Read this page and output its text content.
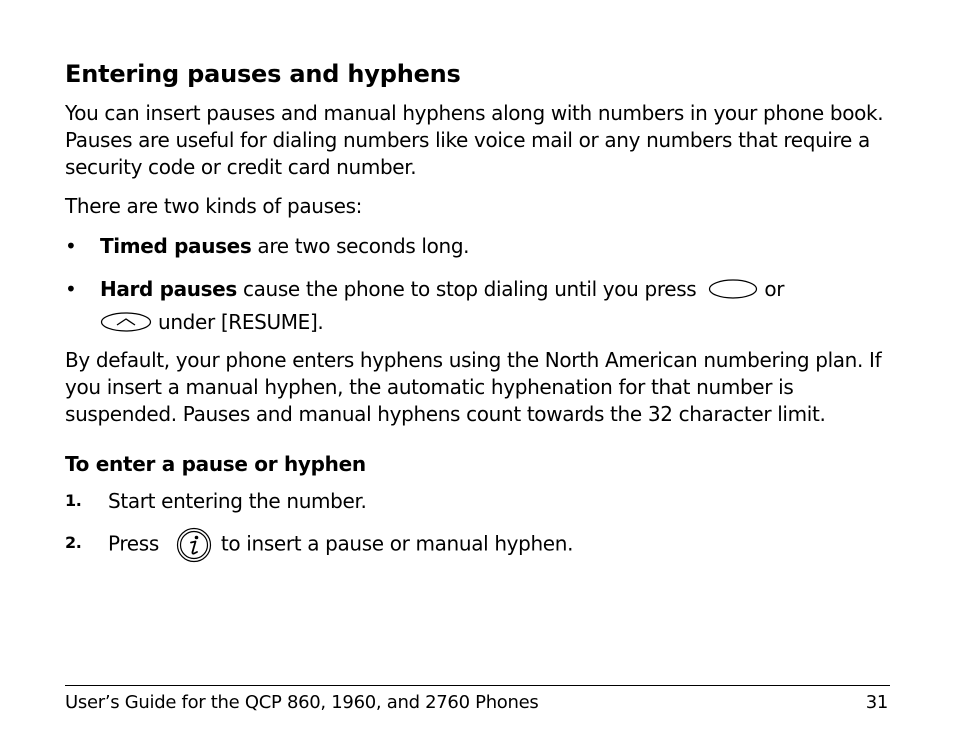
Entering pauses and hyphens

You can insert pauses and manual hyphens along with numbers in your phone book. Pauses are useful for dialing numbers like voice mail or any numbers that require a security code or credit card number.

There are two kinds of pauses:

• Timed pauses are two seconds long.
• Hard pauses cause the phone to stop dialing until you press	or

under [RESUME].

By default, your phone enters hyphens using the North American numbering plan. If you insert a manual hyphen, the automatic hyphenation for that number is suspended. Pauses and manual hyphens count towards the 32 character limit.

To enter a pause or hyphen
1. Start entering the number.
2. Press	to insert a pause or manual hyphen.
User’s Guide for the QCP 860, 1960, and 2760 Phones	31
